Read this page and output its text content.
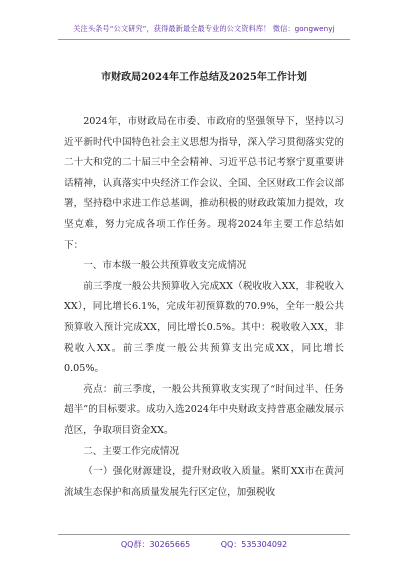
关注头条号“公文研究”，获得最新最全最专业的公文资料库！ 微信：gongwenyj
市财政局2024年工作总结及2025年工作计划

2024年，市财政局在市委、市政府的坚强领导下，坚持以习近平新时代中国特色社会主义思想为指导，深入学习贯彻落实党的二十大和党的二十届三中全会精神、习近平总书记考察宁夏重要讲话精神，认真落实中央经济工作会议、全国、全区财政工作会议部署，坚持稳中求进工作总基调，推动积极的财政政策加力提效，攻坚克难，努力完成各项工作任务。现将2024年主要工作总结如下：

一、市本级一般公共预算收支完成情况

前三季度一般公共预算收入完成XX（税收收入XX，非税收入XX），同比增长6.1%，完成年初预算数的70.9%，全年一般公共预算收入预计完成XX，同比增长0.5%。其中：税收收入XX，非税收入XX。前三季度一般公共预算支出完成XX，同比增长0.05%。

亮点：前三季度，一般公共预算收支实现了“时间过半、任务超半”的目标要求。成功入选2024年中央财政支持普惠金融发展示范区，争取项目资金XX。

二、主要工作完成情况

（一）强化财源建设，提升财政收入质量。紧盯XX市在黄河流域生态保护和高质量发展先行区定位，加强税收

QQ群：30265665	QQ：535304092
